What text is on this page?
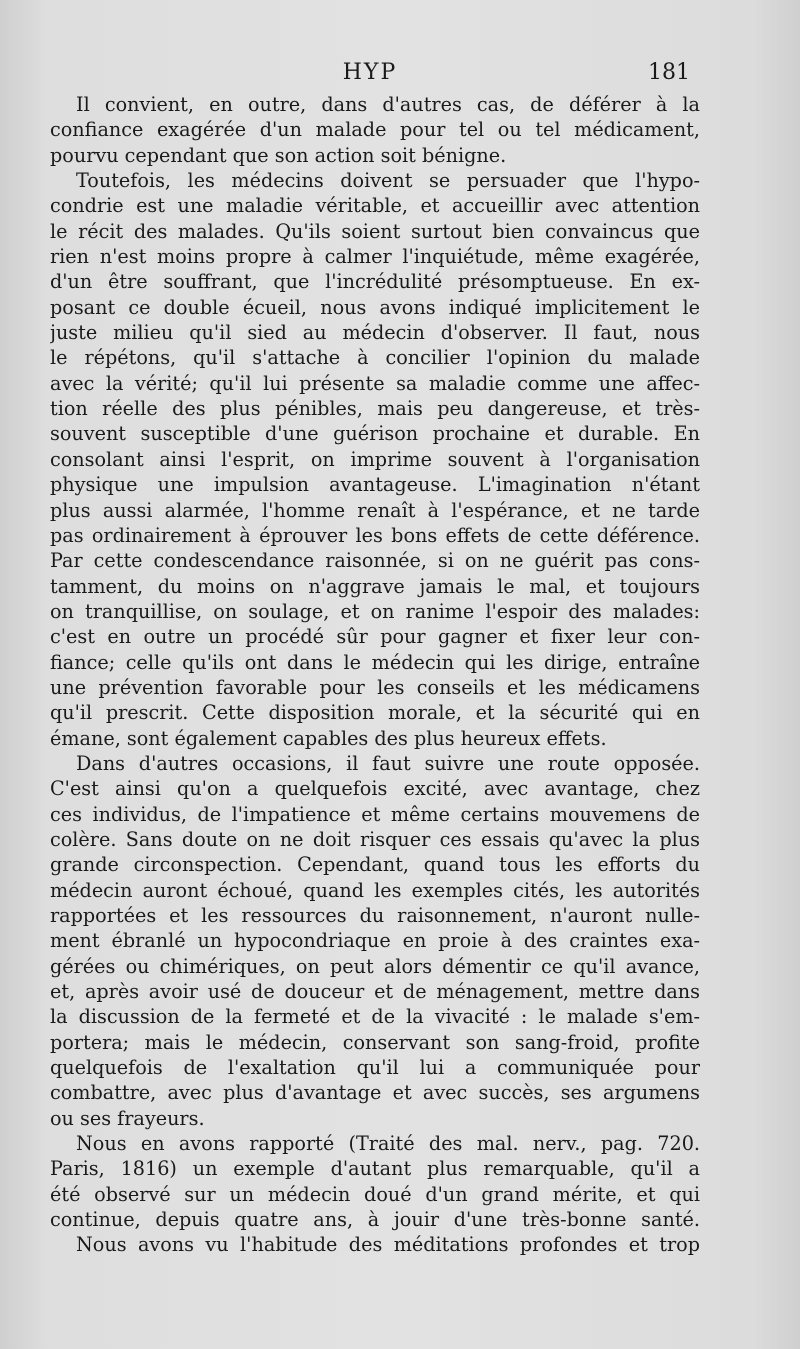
HYP	181
Il convient, en outre, dans d'autres cas, de déférer à la
confiance exagérée d'un malade pour tel ou tel médicament,
pourvu cependant que son action soit bénigne.
Toutefois, les médecins doivent se persuader que l'hypo-
condrie est une maladie véritable, et accueillir avec attention
le récit des malades. Qu'ils soient surtout bien convaincus que
rien n'est moins propre à calmer l'inquiétude, même exagérée,
d'un être souffrant, que l'incrédulité présomptueuse. En ex-
posant ce double écueil, nous avons indiqué implicitement le
juste milieu qu'il sied au médecin d'observer. Il faut, nous
le répétons, qu'il s'attache à concilier l'opinion du malade
avec la vérité; qu'il lui présente sa maladie comme une affec-
tion réelle des plus pénibles, mais peu dangereuse, et très-
souvent susceptible d'une guérison prochaine et durable. En
consolant ainsi l'esprit, on imprime souvent à l'organisation
physique une impulsion avantageuse. L'imagination n'étant
plus aussi alarmée, l'homme renaît à l'espérance, et ne tarde
pas ordinairement à éprouver les bons effets de cette déférence.
Par cette condescendance raisonnée, si on ne guérit pas cons-
tamment, du moins on n'aggrave jamais le mal, et toujours
on tranquillise, on soulage, et on ranime l'espoir des malades:
c'est en outre un procédé sûr pour gagner et fixer leur con-
fiance; celle qu'ils ont dans le médecin qui les dirige, entraîne
une prévention favorable pour les conseils et les médicamens
qu'il prescrit. Cette disposition morale, et la sécurité qui en
émane, sont également capables des plus heureux effets.
Dans d'autres occasions, il faut suivre une route opposée.
C'est ainsi qu'on a quelquefois excité, avec avantage, chez
ces individus, de l'impatience et même certains mouvemens de
colère. Sans doute on ne doit risquer ces essais qu'avec la plus
grande circonspection. Cependant, quand tous les efforts du
médecin auront échoué, quand les exemples cités, les autorités
rapportées et les ressources du raisonnement, n'auront nulle-
ment ébranlé un hypocondriaque en proie à des craintes exa-
gérées ou chimériques, on peut alors démentir ce qu'il avance,
et, après avoir usé de douceur et de ménagement, mettre dans
la discussion de la fermeté et de la vivacité : le malade s'em-
portera; mais le médecin, conservant son sang-froid, profite
quelquefois de l'exaltation qu'il lui a communiquée pour
combattre, avec plus d'avantage et avec succès, ses argumens
ou ses frayeurs.
Nous en avons rapporté (Traité des mal. nerv., pag. 720.
Paris, 1816) un exemple d'autant plus remarquable, qu'il a
été observé sur un médecin doué d'un grand mérite, et qui
continue, depuis quatre ans, à jouir d'une très-bonne santé.
Nous avons vu l'habitude des méditations profondes et trop
